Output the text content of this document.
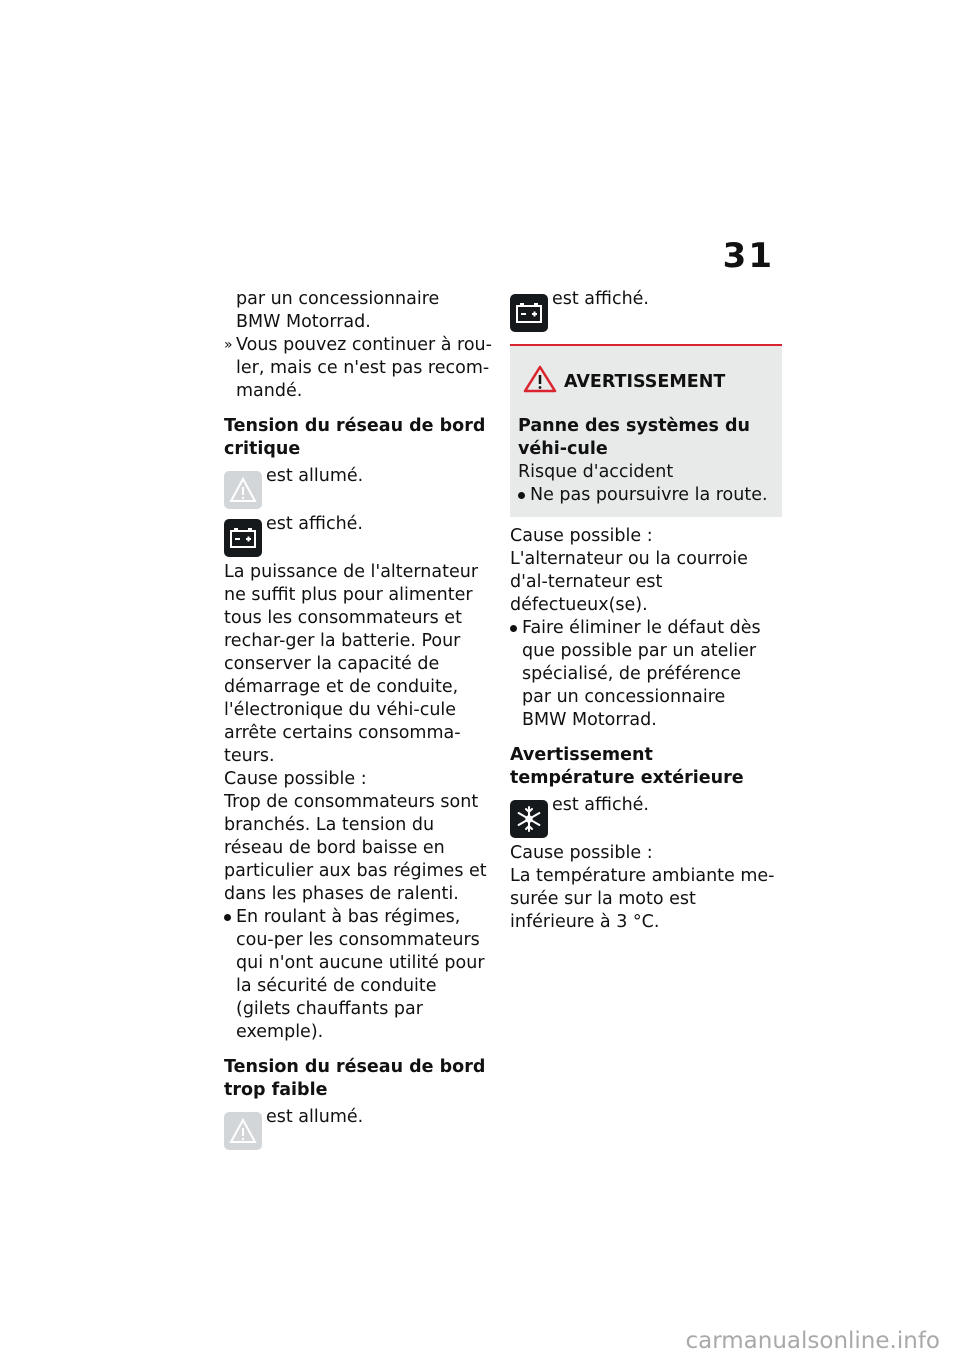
31

par un concessionnaire

BMW Motorrad.

» Vous pouvez continuer à rou-ler, mais ce n'est pas recom-mandé.

Tension du réseau de bord critique

est allumé.

est affiché.

La puissance de l'alternateur ne suffit plus pour alimenter tous les consommateurs et rechar-ger la batterie. Pour conserver la capacité de démarrage et de conduite, l'électronique du véhi-cule arrête certains consomma-teurs.

Cause possible :

Trop de consommateurs sont branchés. La tension du réseau de bord baisse en particulier aux bas régimes et dans les phases de ralenti.

En roulant à bas régimes, cou-per les consommateurs qui n'ont aucune utilité pour la sécurité de conduite (gilets chauffants par exemple).

Tension du réseau de bord trop faible

est allumé.

est affiché.

AVERTISSEMENT

Panne des systèmes du véhi-cule

Risque d'accident

Ne pas poursuivre la route.

Cause possible :

L'alternateur ou la courroie d'al-ternateur est défectueux(se).

Faire éliminer le défaut dès
que possible par un atelier
spécialisé, de préférence
par un concessionnaire
BMW Motorrad.

Avertissement température extérieure

est affiché.

Cause possible :

La température ambiante me-surée sur la moto est inférieure à 3 °C.

carmanualsonline.info
